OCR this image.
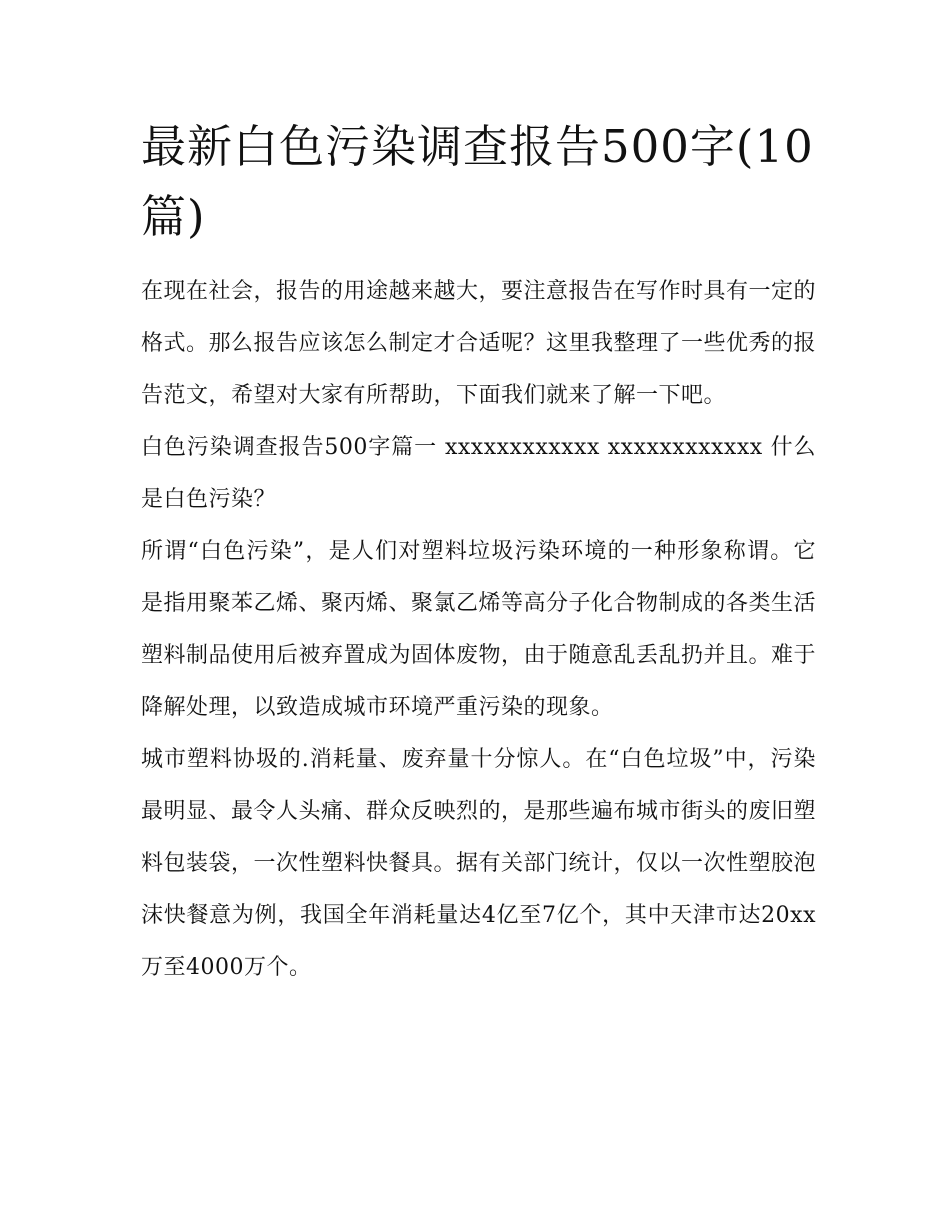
最新白色污染调查报告500字(10篇)

在现在社会，报告的用途越来越大，要注意报告在写作时具有一定的格式。那么报告应该怎么制定才合适呢？这里我整理了一些优秀的报告范文，希望对大家有所帮助，下面我们就来了解一下吧。

白色污染调查报告500字篇一 xxxxxxxxxxxx xxxxxxxxxxxx 什么是白色污染？

所谓“白色污染”，是人们对塑料垃圾污染环境的一种形象称谓。它是指用聚苯乙烯、聚丙烯、聚氯乙烯等高分子化合物制成的各类生活塑料制品使用后被弃置成为固体废物，由于随意乱丢乱扔并且。难于降解处理，以致造成城市环境严重污染的现象。

城市塑料协圾的.消耗量、废弃量十分惊人。在“白色垃圾”中，污染最明显、最令人头痛、群众反映烈的，是那些遍布城市街头的废旧塑料包装袋，一次性塑料快餐具。据有关部门统计，仅以一次性塑胶泡沫快餐意为例，我国全年消耗量达4亿至7亿个，其中天津市达20xx万至4000万个。
